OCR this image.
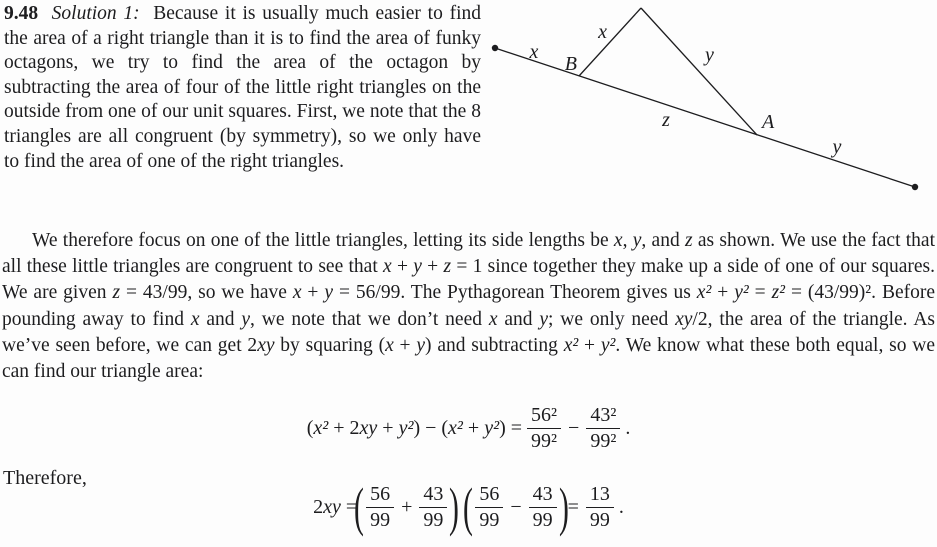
9.48 Solution 1:  Because it is usually much easier to find the area of a right triangle than it is to find the area of funky octagons, we try to find the area of the octagon by subtracting the area of four of the little right triangles on the outside from one of our unit squares. First, we note that the 8 triangles are all congruent (by symmetry), so we only have to find the area of one of the right triangles.
x
B
x
y
z	A
y
We therefore focus on one of the little triangles, letting its side lengths be x, y, and z as shown. We use the fact that all these little triangles are congruent to see that x + y + z = 1 since together they make up a side of one of our squares. We are given z = 43/99, so we have x + y = 56/99. The Pythagorean Theorem gives us x² + y² = z² = (43/99)². Before pounding away to find x and y, we note that we don’t need x and y; we only need xy/2, the area of the triangle. As we’ve seen before, we can get 2xy by squaring (x + y) and subtracting x² + y². We know what these both equal, so we can find our triangle area:
$(x^2 + 2xy + y^2) - (x^2 + y^2) = \frac{\text{56²}}{\text{99²}} - \frac{\text{43²}}{\text{99²}}$ .
Therefore,
2xy =
( $\frac{56}{99} + \frac{43}{99}$ ) ( $\frac{56}{99} - \frac{43}{99}$ ) = $\frac{13}{99}$ .
